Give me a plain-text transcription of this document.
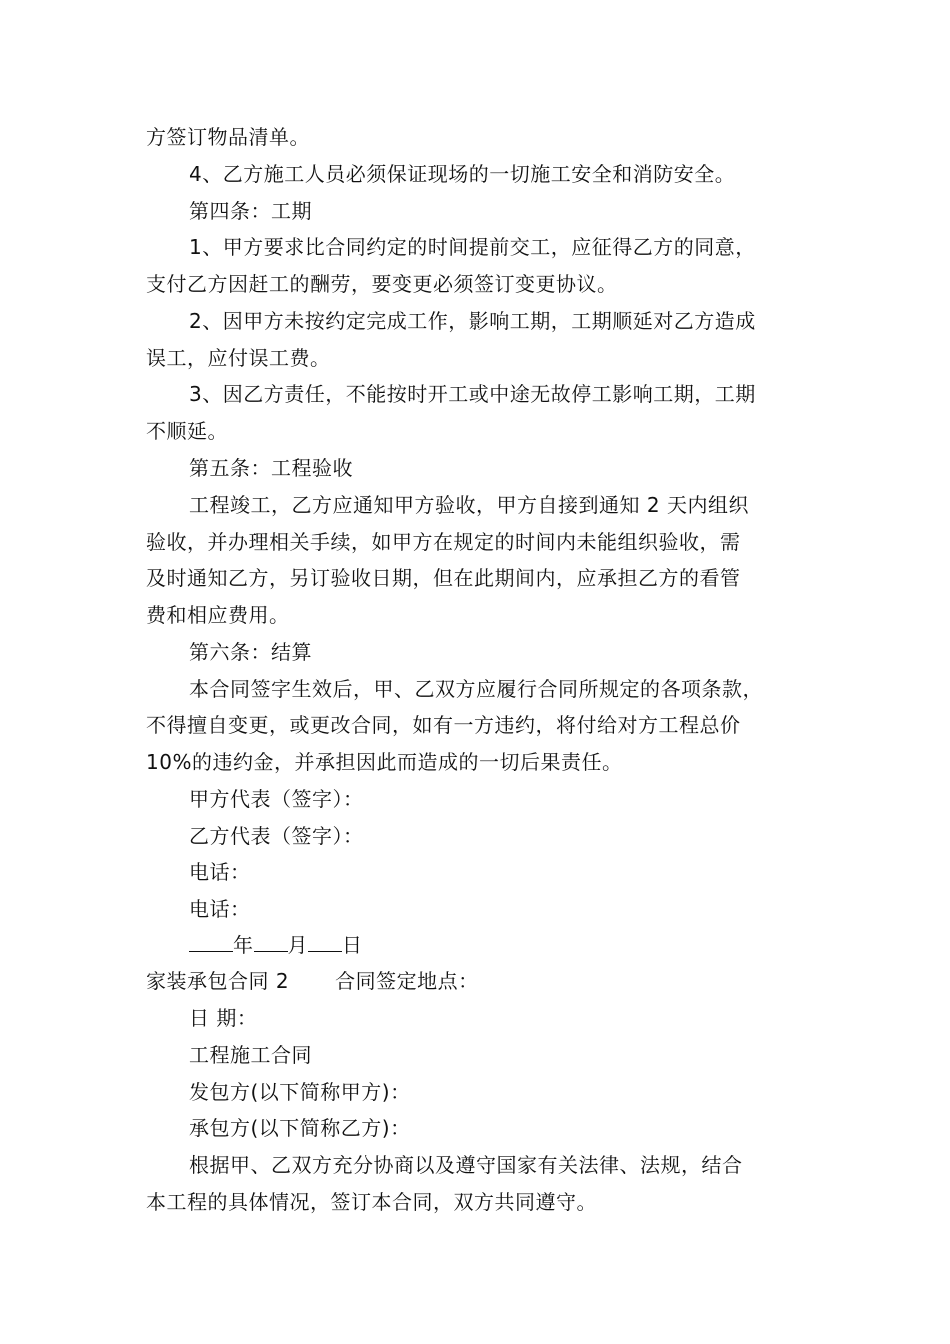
方签订物品清单。
4、乙方施工人员必须保证现场的一切施工安全和消防安全。
第四条：工期
1、甲方要求比合同约定的时间提前交工，应征得乙方的同意，
支付乙方因赶工的酬劳，要变更必须签订变更协议。
2、因甲方未按约定完成工作，影响工期，工期顺延对乙方造成
误工，应付误工费。
3、因乙方责任，不能按时开工或中途无故停工影响工期，工期
不顺延。
第五条：工程验收
工程竣工，乙方应通知甲方验收，甲方自接到通知 2 天内组织
验收，并办理相关手续，如甲方在规定的时间内未能组织验收，需
及时通知乙方，另订验收日期，但在此期间内，应承担乙方的看管
费和相应费用。
第六条：结算
本合同签字生效后，甲、乙双方应履行合同所规定的各项条款，
不得擅自变更，或更改合同，如有一方违约，将付给对方工程总价
10%的违约金，并承担因此而造成的一切后果责任。
甲方代表（签字）：
乙方代表（签字）：
电话：
电话：
年 月 日
家装承包合同 2 合同签定地点：
日 期：
工程施工合同
发包方(以下简称甲方)：
承包方(以下简称乙方)：
根据甲、乙双方充分协商以及遵守国家有关法律、法规，结合
本工程的具体情况，签订本合同，双方共同遵守。
